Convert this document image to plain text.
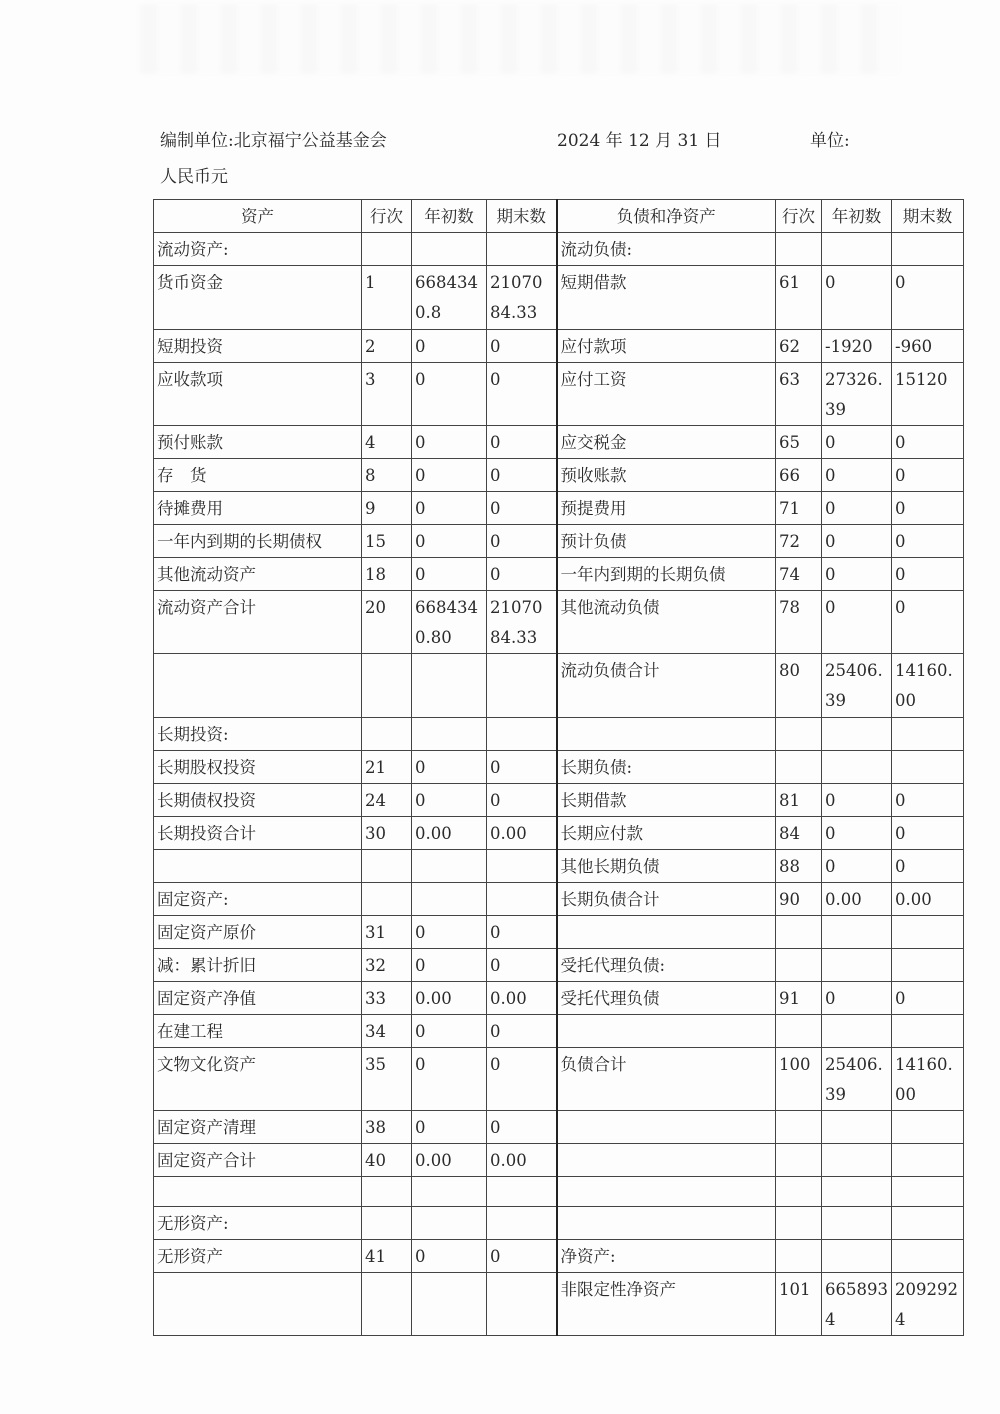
编制单位:北京福宁公益基金会	2024 年 12 月 31 日	单位:
人民币元
资产	行次	年初数	期末数	负债和净资产	行次	年初数	期末数
流动资产:				流动负债:			
货币资金	1	6684340.8	2107084.33	短期借款	61	0	0
短期投资	2	0	0	应付款项	62	-1920	-960
应收款项	3	0	0	应付工资	63	27326.39	15120
预付账款	4	0	0	应交税金	65	0	0
存　货	8	0	0	预收账款	66	0	0
待摊费用	9	0	0	预提费用	71	0	0
一年内到期的长期债权	15	0	0	预计负债	72	0	0
其他流动资产	18	0	0	一年内到期的长期负债	74	0	0
流动资产合计	20	6684340.80	2107084.33	其他流动负债	78	0	0
				流动负债合计	80	25406.39	14160.00
长期投资:							
长期股权投资	21	0	0	长期负债:			
长期债权投资	24	0	0	长期借款	81	0	0
长期投资合计	30	0.00	0.00	长期应付款	84	0	0
				其他长期负债	88	0	0
固定资产:				长期负债合计	90	0.00	0.00
固定资产原价	31	0	0				
减：累计折旧	32	0	0	受托代理负债:			
固定资产净值	33	0.00	0.00	受托代理负债	91	0	0
在建工程	34	0	0				
文物文化资产	35	0	0	负债合计	100	25406.39	14160.00
固定资产清理	38	0	0				
固定资产合计	40	0.00	0.00				

无形资产:							
无形资产	41	0	0	净资产:			
				非限定性净资产	101	6658934	2092924
